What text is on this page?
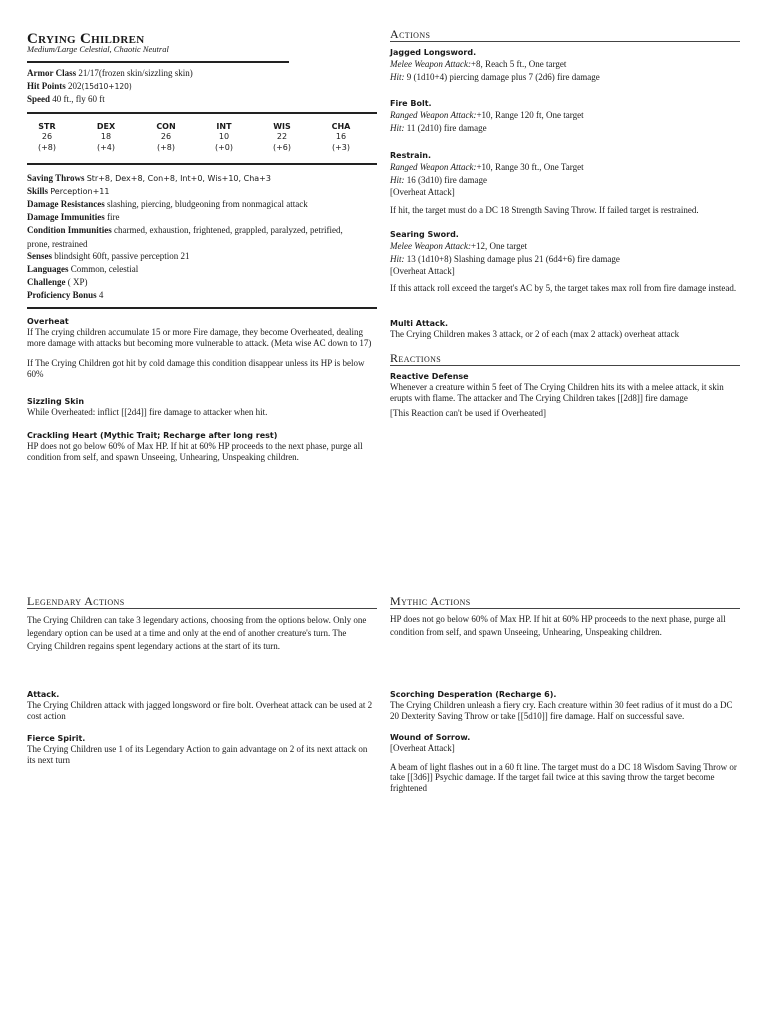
Crying Children
Medium/Large Celestial, Chaotic Neutral
Armor Class 21/17(frozen skin/sizzling skin)
Hit Points 202(15d10+120)
Speed 40 ft., fly 60 ft
STR
26
(+8)
DEX
18
(+4)
CON
26
(+8)
INT
10
(+0)
WIS
22
(+6)
CHA
16
(+3)
Saving Throws Str+8, Dex+8, Con+8, Int+0, Wis+10, Cha+3
Skills Perception+11
Damage Resistances slashing, piercing, bludgeoning from nonmagical attack
Damage Immunities fire
Condition Immunities charmed, exhaustion, frightened, grappled, paralyzed, petrified,
prone, restrained
Senses blindsight 60ft, passive perception 21
Languages Common, celestial
Challenge ( XP)
Proficiency Bonus 4
Overheat

If The crying children accumulate 15 or more Fire damage, they become Overheated, dealing more damage with attacks but becoming more vulnerable to attack. (Meta wise AC down to 17)

If The Crying Children got hit by cold damage this condition disappear unless its HP is below 60%

Sizzling Skin

While Overheated: inflict [[2d4]] fire damage to attacker when hit.

Crackling Heart (Mythic Trait; Recharge after long rest)

HP does not go below 60% of Max HP. If hit at 60% HP proceeds to the next phase, purge all condition from self, and spawn Unseeing, Unhearing, Unspeaking children.

Legendary Actions

The Crying Children can take 3 legendary actions, choosing from the options below. Only one legendary option can be used at a time and only at the end of another creature's turn. The Crying Children regains spent legendary actions at the start of its turn.

Attack.

The Crying Children attack with jagged longsword or fire bolt. Overheat attack can be used at 2 cost action

Fierce Spirit.

The Crying Children use 1 of its Legendary Action to gain advantage on 2 of its next attack on its next turn

Actions
Jagged Longsword.
Melee Weapon Attack:+8, Reach 5 ft., One target
Hit: 9 (1d10+4) piercing damage plus 7 (2d6) fire damage
Fire Bolt.
Ranged Weapon Attack:+10, Range 120 ft, One target
Hit: 11 (2d10) fire damage
Restrain.
Ranged Weapon Attack:+10, Range 30 ft., One Target
Hit: 16 (3d10) fire damage
[Overheat Attack]
If hit, the target must do a DC 18 Strength Saving Throw. If failed target is restrained.
Searing Sword.
Melee Weapon Attack:+12, One target
Hit: 13 (1d10+8) Slashing damage plus 21 (6d4+6) fire damage
[Overheat Attack]
If this attack roll exceed the target's AC by 5, the target takes max roll from fire damage instead.
Multi Attack.

The Crying Children makes 3 attack, or 2 of each (max 2 attack) overheat attack

Reactions
Reactive Defense

Whenever a creature within 5 feet of The Crying Children hits its with a melee attack, it skin erupts with flame. The attacker and The Crying Children takes [[2d8]] fire damage

[This Reaction can't be used if Overheated]

Mythic Actions

HP does not go below 60% of Max HP. If hit at 60% HP proceeds to the next phase, purge all condition from self, and spawn Unseeing, Unhearing, Unspeaking children.

Scorching Desperation (Recharge 6).

The Crying Children unleash a fiery cry. Each creature within 30 feet radius of it must do a DC 20 Dexterity Saving Throw or take [[5d10]] fire damage. Half on successful save.

Wound of Sorrow.

[Overheat Attack]

A beam of light flashes out in a 60 ft line. The target must do a DC 18 Wisdom Saving Throw or take [[3d6]] Psychic damage. If the target fail twice at this saving throw the target become frightened
